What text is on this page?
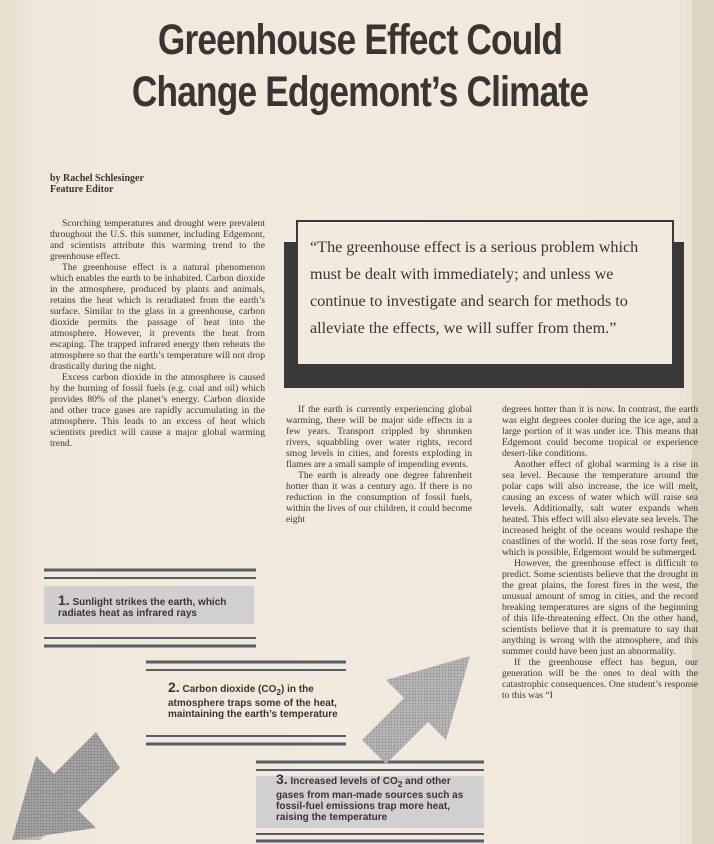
Greenhouse Effect Could
Change Edgemont’s Climate
by Rachel Schlesinger
Feature Editor

Scorching temperatures and drought were prevalent throughout the U.S. this summer, including Edgemont, and scientists attribute this warming trend to the greenhouse effect.

The greenhouse effect is a natural phenomenon which enables the earth to be inhabited. Carbon dioxide in the atmosphere, produced by plants and animals, retains the heat which is reradiated from the earth’s surface. Similar to the glass in a greenhouse, carbon dioxide permits the passage of heat into the atmosphere. However, it prevents the heat from escaping. The trapped infrared energy then reheats the atmosphere so that the earth’s temperature will not drop drastically during the night.

Excess carbon dioxide in the atmosphere is caused by the burning of fossil fuels (e.g. coal and oil) which provides 80% of the planet’s energy. Carbon dioxide and other trace gases are rapidly accumulating in the atmosphere. This leads to an excess of heat which scientists predict will cause a major global warming trend.

“The greenhouse effect is a serious problem which must be dealt with immediately; and unless we continue to investigate and search for methods to alleviate the effects, we will suffer from them.”

If the earth is currently experiencing global warming, there will be major side effects in a few years. Transport crippled by shrunken rivers, squabbling over water rights, record smog levels in cities, and forests exploding in flames are a small sample of impending events.

The earth is already one degree fahrenheit hotter than it was a century ago. If there is no reduction in the consumption of fossil fuels, within the lives of our children, it could become eight

degrees hotter than it is now. In contrast, the earth was eight degrees cooler during the ice age, and a large portion of it was under ice. This means that Edgemont could become tropical or experience desert-like conditions.

Another effect of global warming is a rise in sea level. Because the temperature around the polar caps will also increase, the ice will melt, causing an excess of water which will raise sea levels. Additionally, salt water expands when heated. This effect will also elevate sea levels. The increased height of the oceans would reshape the coastlines of the world. If the seas rose forty feet, which is possible, Edgemont would be submerged.

However, the greenhouse effect is difficult to predict. Some scientists believe that the drought in the great plains, the forest fires in the west, the unusual amount of smog in cities, and the record breaking temperatures are signs of the beginning of this life-threatening effect. On the other hand, scientists believe that it is premature to say that anything is wrong with the atmosphere, and this summer could have been just an abnormality.

If the greenhouse effect has begun, our generation will be the ones to deal with the catastrophic consequences. One student’s response to this was “I

1. Sunlight strikes the earth, which radiates heat as infrared rays
2. Carbon dioxide $(CO_2)$ in the atmosphere traps some of the heat, maintaining the earth’s temperature
3. Increased levels of $CO_2$ and other gases from man-made sources such as fossil-fuel emissions trap more heat, raising the temperature
